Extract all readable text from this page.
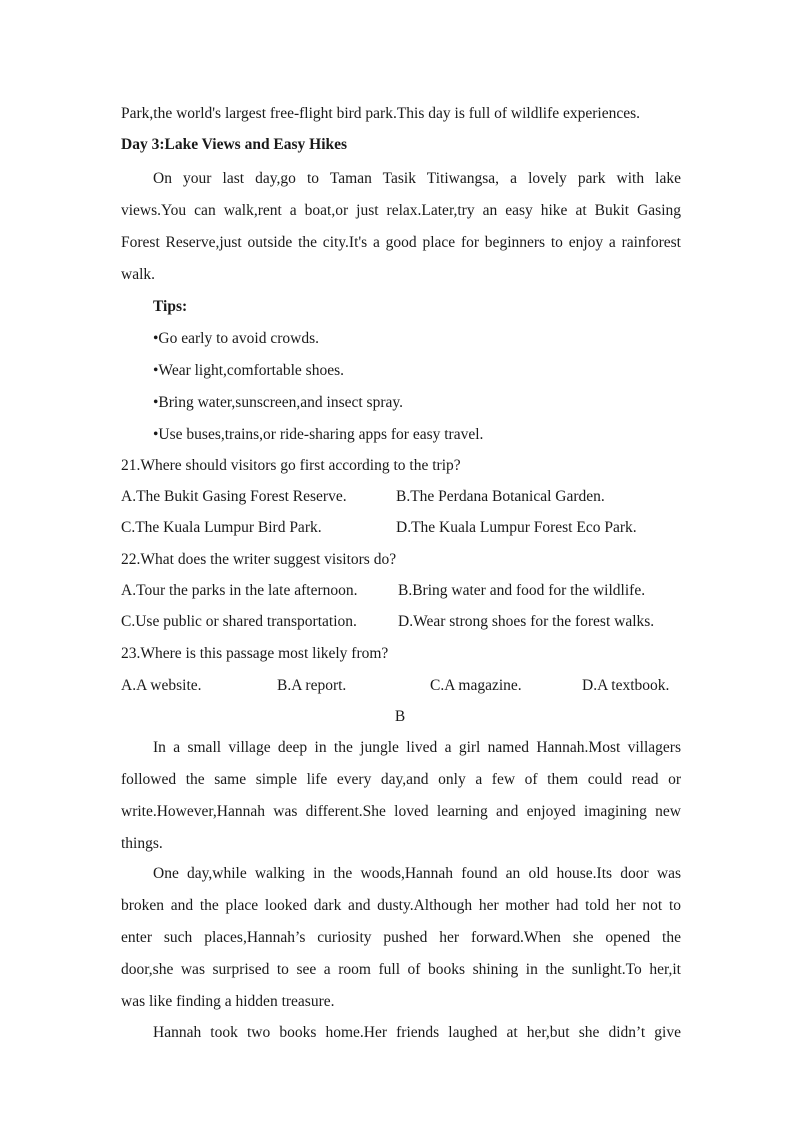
Park,the world's largest free-flight bird park.This day is full of wildlife experiences.
Day 3:Lake Views and Easy Hikes
On your last day,go to Taman Tasik Titiwangsa, a lovely park with lake
views.You can walk,rent a boat,or just relax.Later,try an easy hike at Bukit Gasing
Forest Reserve,just outside the city.It's a good place for beginners to enjoy a rainforest
walk.
Tips:
•Go early to avoid crowds.
•Wear light,comfortable shoes.
•Bring water,sunscreen,and insect spray.
•Use buses,trains,or ride-sharing apps for easy travel.
21.Where should visitors go first according to the trip?
A.The Bukit Gasing Forest Reserve.	B.The Perdana Botanical Garden.
C.The Kuala Lumpur Bird Park.	D.The Kuala Lumpur Forest Eco Park.
22.What does the writer suggest visitors do?
A.Tour the parks in the late afternoon.	B.Bring water and food for the wildlife.
C.Use public or shared transportation.	D.Wear strong shoes for the forest walks.
23.Where is this passage most likely from?
A.A website.	B.A report.	C.A magazine.	D.A textbook.
B
In a small village deep in the jungle lived a girl named Hannah.Most villagers
followed the same simple life every day,and only a few of them could read or
write.However,Hannah was different.She loved learning and enjoyed imagining new
things.
One day,while walking in the woods,Hannah found an old house.Its door was
broken and the place looked dark and dusty.Although her mother had told her not to
enter such places,Hannah’s curiosity pushed her forward.When she opened the
door,she was surprised to see a room full of books shining in the sunlight.To her,it
was like finding a hidden treasure.
Hannah took two books home.Her friends laughed at her,but she didn’t give
